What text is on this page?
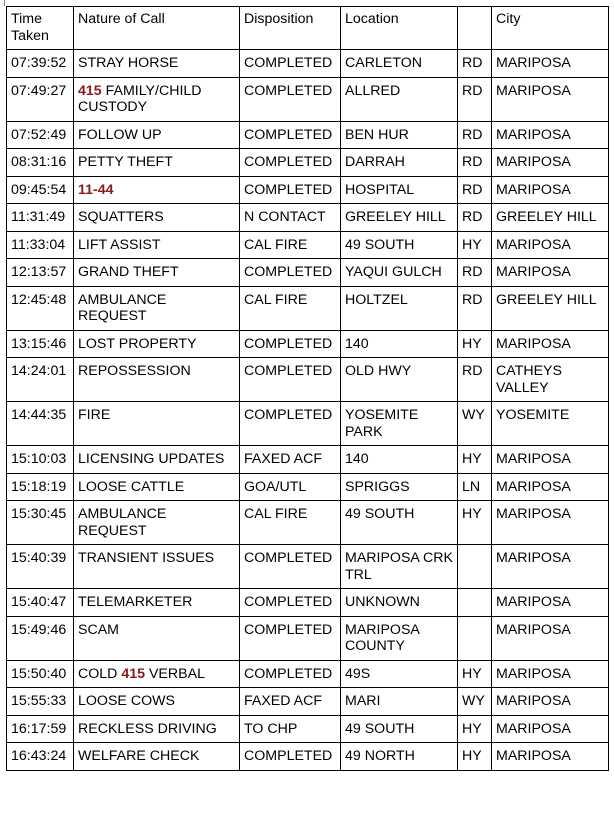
Time Taken	Nature of Call	Disposition	Location		City
07:39:52	STRAY HORSE	COMPLETED	CARLETON	RD	MARIPOSA
07:49:27	415 FAMILY/CHILD CUSTODY	COMPLETED	ALLRED	RD	MARIPOSA
07:52:49	FOLLOW UP	COMPLETED	BEN HUR	RD	MARIPOSA
08:31:16	PETTY THEFT	COMPLETED	DARRAH	RD	MARIPOSA
09:45:54	11-44	COMPLETED	HOSPITAL	RD	MARIPOSA
11:31:49	SQUATTERS	N CONTACT	GREELEY HILL	RD	GREELEY HILL
11:33:04	LIFT ASSIST	CAL FIRE	49 SOUTH	HY	MARIPOSA
12:13:57	GRAND THEFT	COMPLETED	YAQUI GULCH	RD	MARIPOSA
12:45:48	AMBULANCE REQUEST	CAL FIRE	HOLTZEL	RD	GREELEY HILL
13:15:46	LOST PROPERTY	COMPLETED	140	HY	MARIPOSA
14:24:01	REPOSSESSION	COMPLETED	OLD HWY	RD	CATHEYS VALLEY
14:44:35	FIRE	COMPLETED	YOSEMITE PARK	WY	YOSEMITE
15:10:03	LICENSING UPDATES	FAXED ACF	140	HY	MARIPOSA
15:18:19	LOOSE CATTLE	GOA/UTL	SPRIGGS	LN	MARIPOSA
15:30:45	AMBULANCE REQUEST	CAL FIRE	49 SOUTH	HY	MARIPOSA
15:40:39	TRANSIENT ISSUES	COMPLETED	MARIPOSA CRK TRL		MARIPOSA
15:40:47	TELEMARKETER	COMPLETED	UNKNOWN		MARIPOSA
15:49:46	SCAM	COMPLETED	MARIPOSA COUNTY		MARIPOSA
15:50:40	COLD 415 VERBAL	COMPLETED	49S	HY	MARIPOSA
15:55:33	LOOSE COWS	FAXED ACF	MARI	WY	MARIPOSA
16:17:59	RECKLESS DRIVING	TO CHP	49 SOUTH	HY	MARIPOSA
16:43:24	WELFARE CHECK	COMPLETED	49 NORTH	HY	MARIPOSA
